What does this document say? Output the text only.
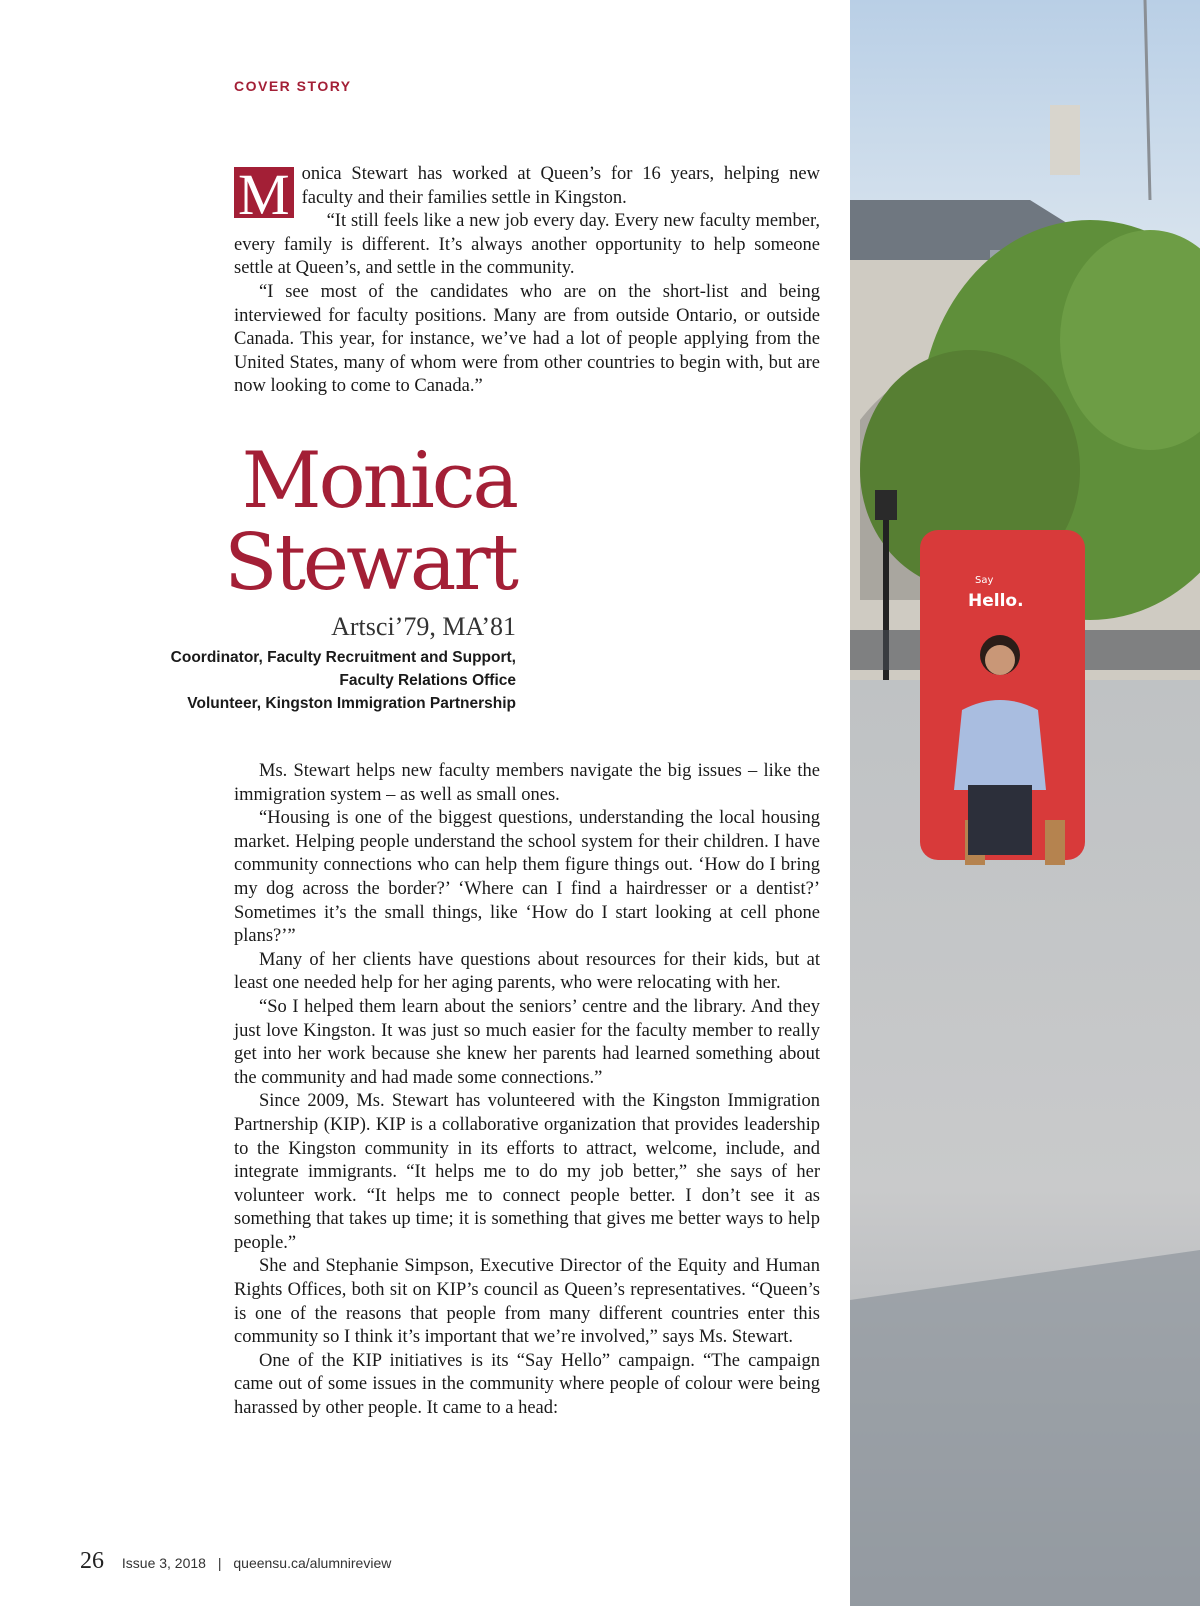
COVER STORY

M onica Stewart has worked at Queen’s for 16 years, helping new faculty and their families settle in Kingston.

“It still feels like a new job every day. Every new faculty member, every family is different. It’s always another opportunity to help someone settle at Queen’s, and settle in the community.

“I see most of the candidates who are on the short-list and being interviewed for faculty positions. Many are from outside Ontario, or outside Canada. This year, for instance, we’ve had a lot of people applying from the United States, many of whom were from other countries to begin with, but are now looking to come to Canada.”

Monica
Stewart
Artsci’79, MA’81
Coordinator, Faculty Recruitment and Support,
Faculty Relations Office
Volunteer, Kingston Immigration Partnership

Ms. Stewart helps new faculty members navigate the big issues – like the immigration system – as well as small ones.

“Housing is one of the biggest questions, understanding the local housing market. Helping people understand the school system for their children. I have community connections who can help them figure things out. ‘How do I bring my dog across the border?’ ‘Where can I find a hairdresser or a dentist?’ Sometimes it’s the small things, like ‘How do I start looking at cell phone plans?’”

Many of her clients have questions about resources for their kids, but at least one needed help for her aging parents, who were relocating with her.

“So I helped them learn about the seniors’ centre and the library. And they just love Kingston. It was just so much easier for the faculty member to really get into her work because she knew her parents had learned something about the community and had made some connections.”

Since 2009, Ms. Stewart has volunteered with the Kingston Immigration Partnership (KIP). KIP is a collaborative organization that provides leadership to the Kingston community in its efforts to attract, welcome, include, and integrate immigrants. “It helps me to do my job better,” she says of her volunteer work. “It helps me to connect people better. I don’t see it as something that takes up time; it is something that gives me better ways to help people.”

She and Stephanie Simpson, Executive Director of the Equity and Human Rights Offices, both sit on KIP’s council as Queen’s representatives. “Queen’s is one of the reasons that people from many different countries enter this community so I think it’s important that we’re involved,” says Ms. Stewart.

One of the KIP initiatives is its “Say Hello” campaign. “The campaign came out of some issues in the community where people of colour were being harassed by other people. It came to a head:

26 Issue 3, 2018 | queensu.ca/alumnireview
Say
Hello.
